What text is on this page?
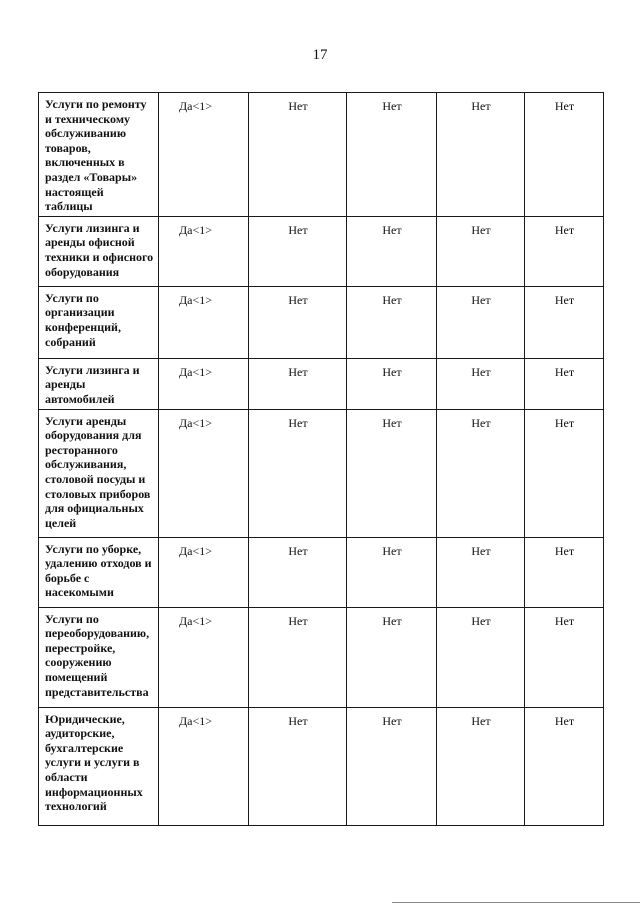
17
Услуги по ремонту и техническому обслуживанию товаров, включенных в раздел «Товары» настоящей таблицы	Да<1>	Нет	Нет	Нет	Нет
Услуги лизинга и аренды офисной техники и офисного оборудования	Да<1>	Нет	Нет	Нет	Нет
Услуги по организации конференций, собраний	Да<1>	Нет	Нет	Нет	Нет
Услуги лизинга и аренды автомобилей	Да<1>	Нет	Нет	Нет	Нет
Услуги аренды оборудования для ресторанного обслуживания, столовой посуды и столовых приборов для официальных целей	Да<1>	Нет	Нет	Нет	Нет
Услуги по уборке, удалению отходов и борьбе с насекомыми	Да<1>	Нет	Нет	Нет	Нет
Услуги по переоборудованию, перестройке, сооружению помещений представительства	Да<1>	Нет	Нет	Нет	Нет
Юридические, аудиторские, бухгалтерские услуги и услуги в области информационных технологий	Да<1>	Нет	Нет	Нет	Нет
